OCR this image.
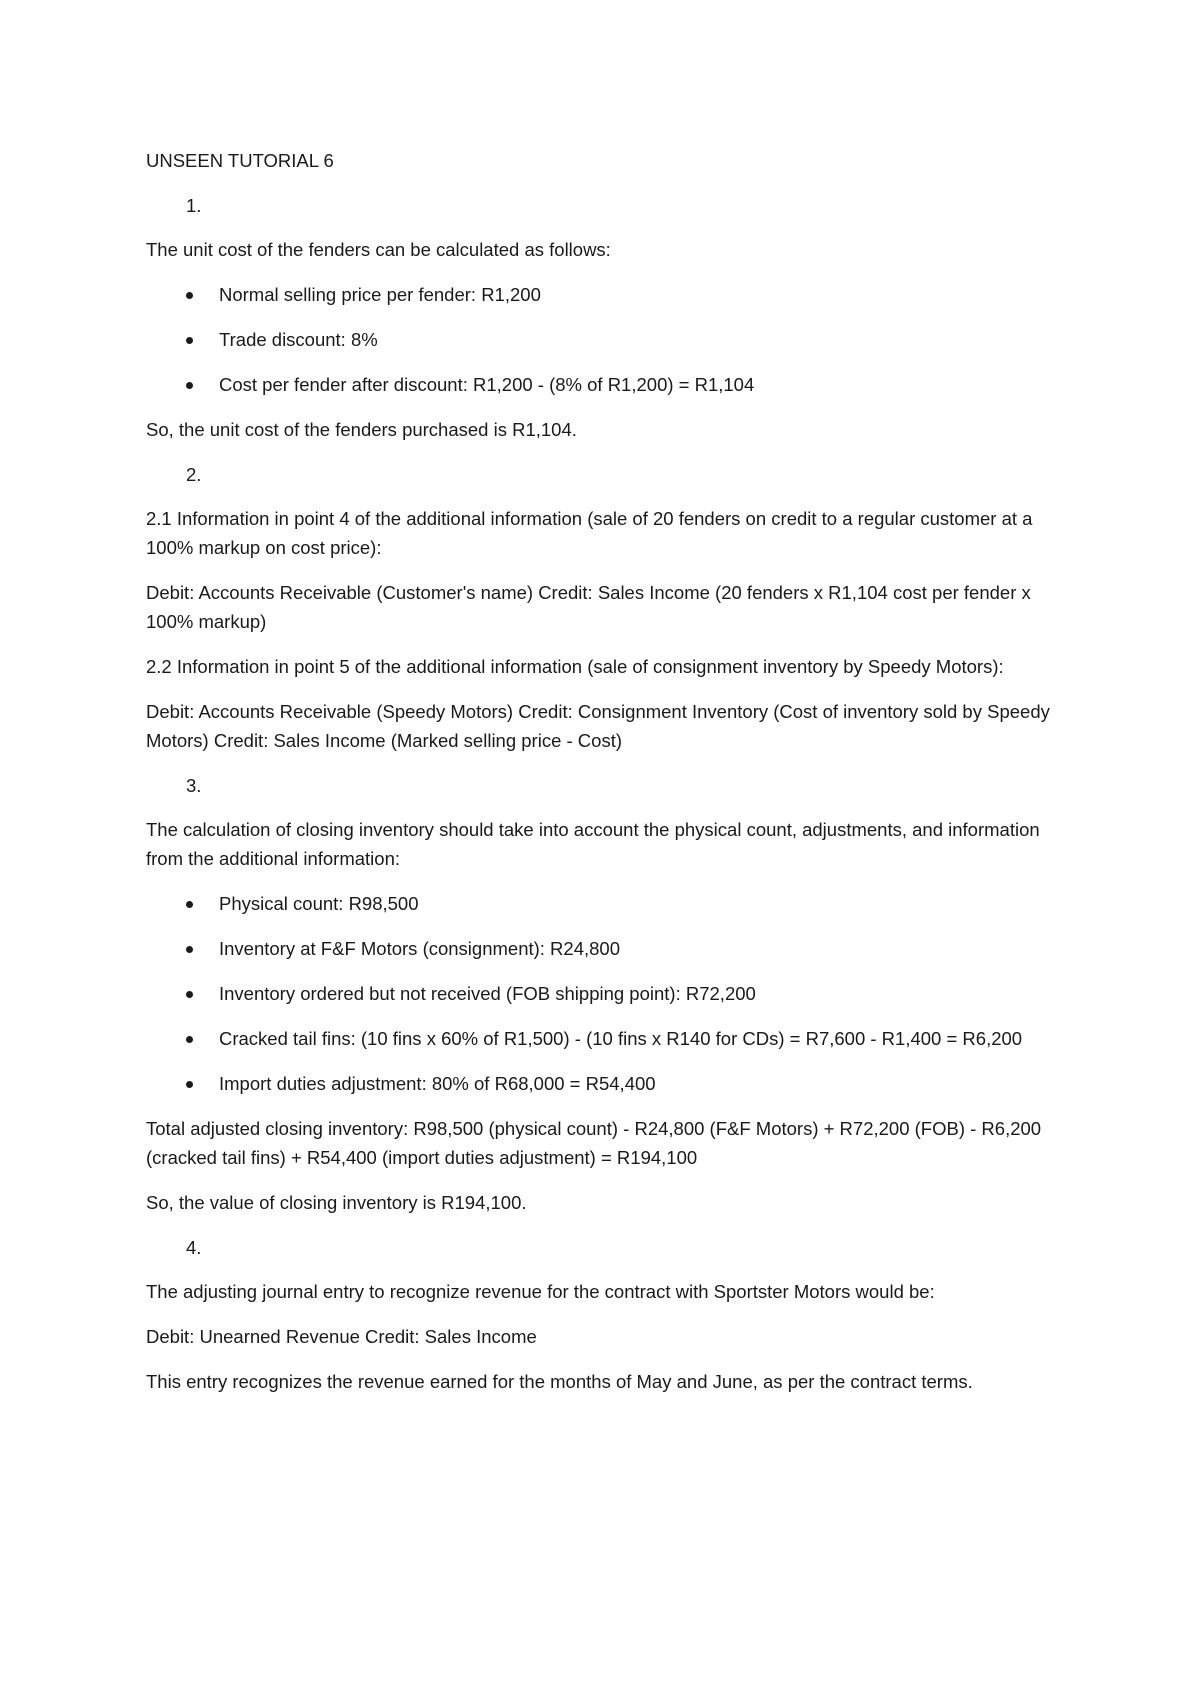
UNSEEN TUTORIAL 6

1.

The unit cost of the fenders can be calculated as follows:

Normal selling price per fender: R1,200
Trade discount: 8%
Cost per fender after discount: R1,200 - (8% of R1,200) = R1,104

So, the unit cost of the fenders purchased is R1,104.

2.

2.1 Information in point 4 of the additional information (sale of 20 fenders on credit to a regular customer at a 100% markup on cost price):

Debit: Accounts Receivable (Customer's name) Credit: Sales Income (20 fenders x R1,104 cost per fender x 100% markup)

2.2 Information in point 5 of the additional information (sale of consignment inventory by Speedy Motors):

Debit: Accounts Receivable (Speedy Motors) Credit: Consignment Inventory (Cost of inventory sold by Speedy Motors) Credit: Sales Income (Marked selling price - Cost)

3.

The calculation of closing inventory should take into account the physical count, adjustments, and information from the additional information:

Physical count: R98,500
Inventory at F&F Motors (consignment): R24,800
Inventory ordered but not received (FOB shipping point): R72,200
Cracked tail fins: (10 fins x 60% of R1,500) - (10 fins x R140 for CDs) = R7,600 - R1,400 = R6,200
Import duties adjustment: 80% of R68,000 = R54,400

Total adjusted closing inventory: R98,500 (physical count) - R24,800 (F&F Motors) + R72,200 (FOB) - R6,200 (cracked tail fins) + R54,400 (import duties adjustment) = R194,100

So, the value of closing inventory is R194,100.

4.

The adjusting journal entry to recognize revenue for the contract with Sportster Motors would be:

Debit: Unearned Revenue Credit: Sales Income

This entry recognizes the revenue earned for the months of May and June, as per the contract terms.
